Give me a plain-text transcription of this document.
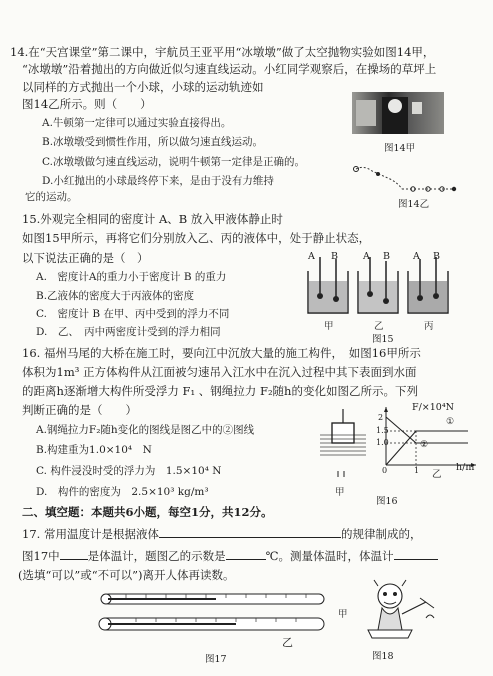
14.在“天宫课堂”第二课中，宇航员王亚平用“冰墩墩”做了太空抛物实验如图14甲，
“冰墩墩”沿着抛出的方向做近似匀速直线运动。小红同学观察后，在操场的草坪上
以同样的方式抛出一个小球，小球的运动轨迹如
图14乙所示。则（　　）
A.牛顿第一定律可以通过实验直接得出。
B.冰墩墩受到惯性作用，所以做匀速直线运动。
C.冰墩墩做匀速直线运动，说明牛顿第一定律是正确的。
D.小红抛出的小球最终停下来，是由于没有力维持
它的运动。
图14甲
图14乙
15.外观完全相同的密度计 A、B 放入甲液体静止时
如图15甲所示，再将它们分别放入乙、丙的液体中，处于静止状态，
以下说法正确的是（　）
A.　密度计A的重力小于密度计 B 的重力
B.乙液体的密度大于丙液体的密度
C.　密度计 B 在甲、丙中受到的浮力不同
D.　乙、　丙中两密度计受到的浮力相同
A B	A B A B
甲	乙	丙
图15
16. 福州马尾的大桥在施工时，要向江中沉放大量的施工构件，　如图16甲所示
体积为1m³ 正方体构件从江面被匀速吊入江水中在沉入过程中其下表面到水面
的距离h逐渐增大构件所受浮力 F₁ 、钢绳拉力 F₂随h的变化如图乙所示。下列
判断正确的是（　　）
A.钢绳拉力F₂随h变化的图线是图乙中的②图线
B.构建重为1.0×10⁴　N
C. 构件浸没时受的浮力为　1.5×10⁴ N
D.　构件的密度为　2.5×10³ kg/m³	甲
F/×10⁴N
h/m
2
1.5
1.0
0	1
①
②
乙
图16
二、填空题：本题共6小题，每空1分，共12分。
17. 常用温度计是根据液体	的规律制成的，
图17中 是体温计，题图乙的示数是	℃。测量体温时，体温计
(选填“可以”或“不可以”)离开人体再读数。
甲
乙
图17	图18
